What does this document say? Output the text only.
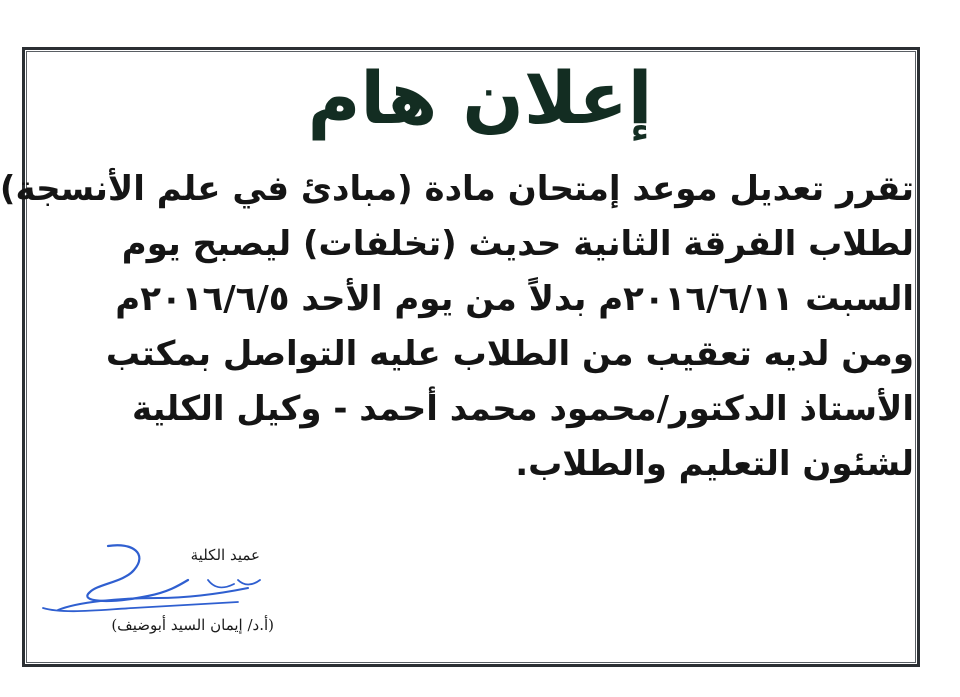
إعلان هام
تقرر تعديل موعد إمتحان مادة (مبادئ في علم الأنسجة)
لطلاب الفرقة الثانية حديث (تخلفات) ليصبح يوم
السبت ٢٠١٦/٦/١١م بدلاً من يوم الأحد ٢٠١٦/٦/٥م
ومن لديه تعقيب من الطلاب عليه التواصل بمكتب
الأستاذ الدكتور/محمود محمد أحمد - وكيل الكلية
لشئون التعليم والطلاب.
عميد الكلية
(أ.د/ إيمان السيد أبوضيف)
